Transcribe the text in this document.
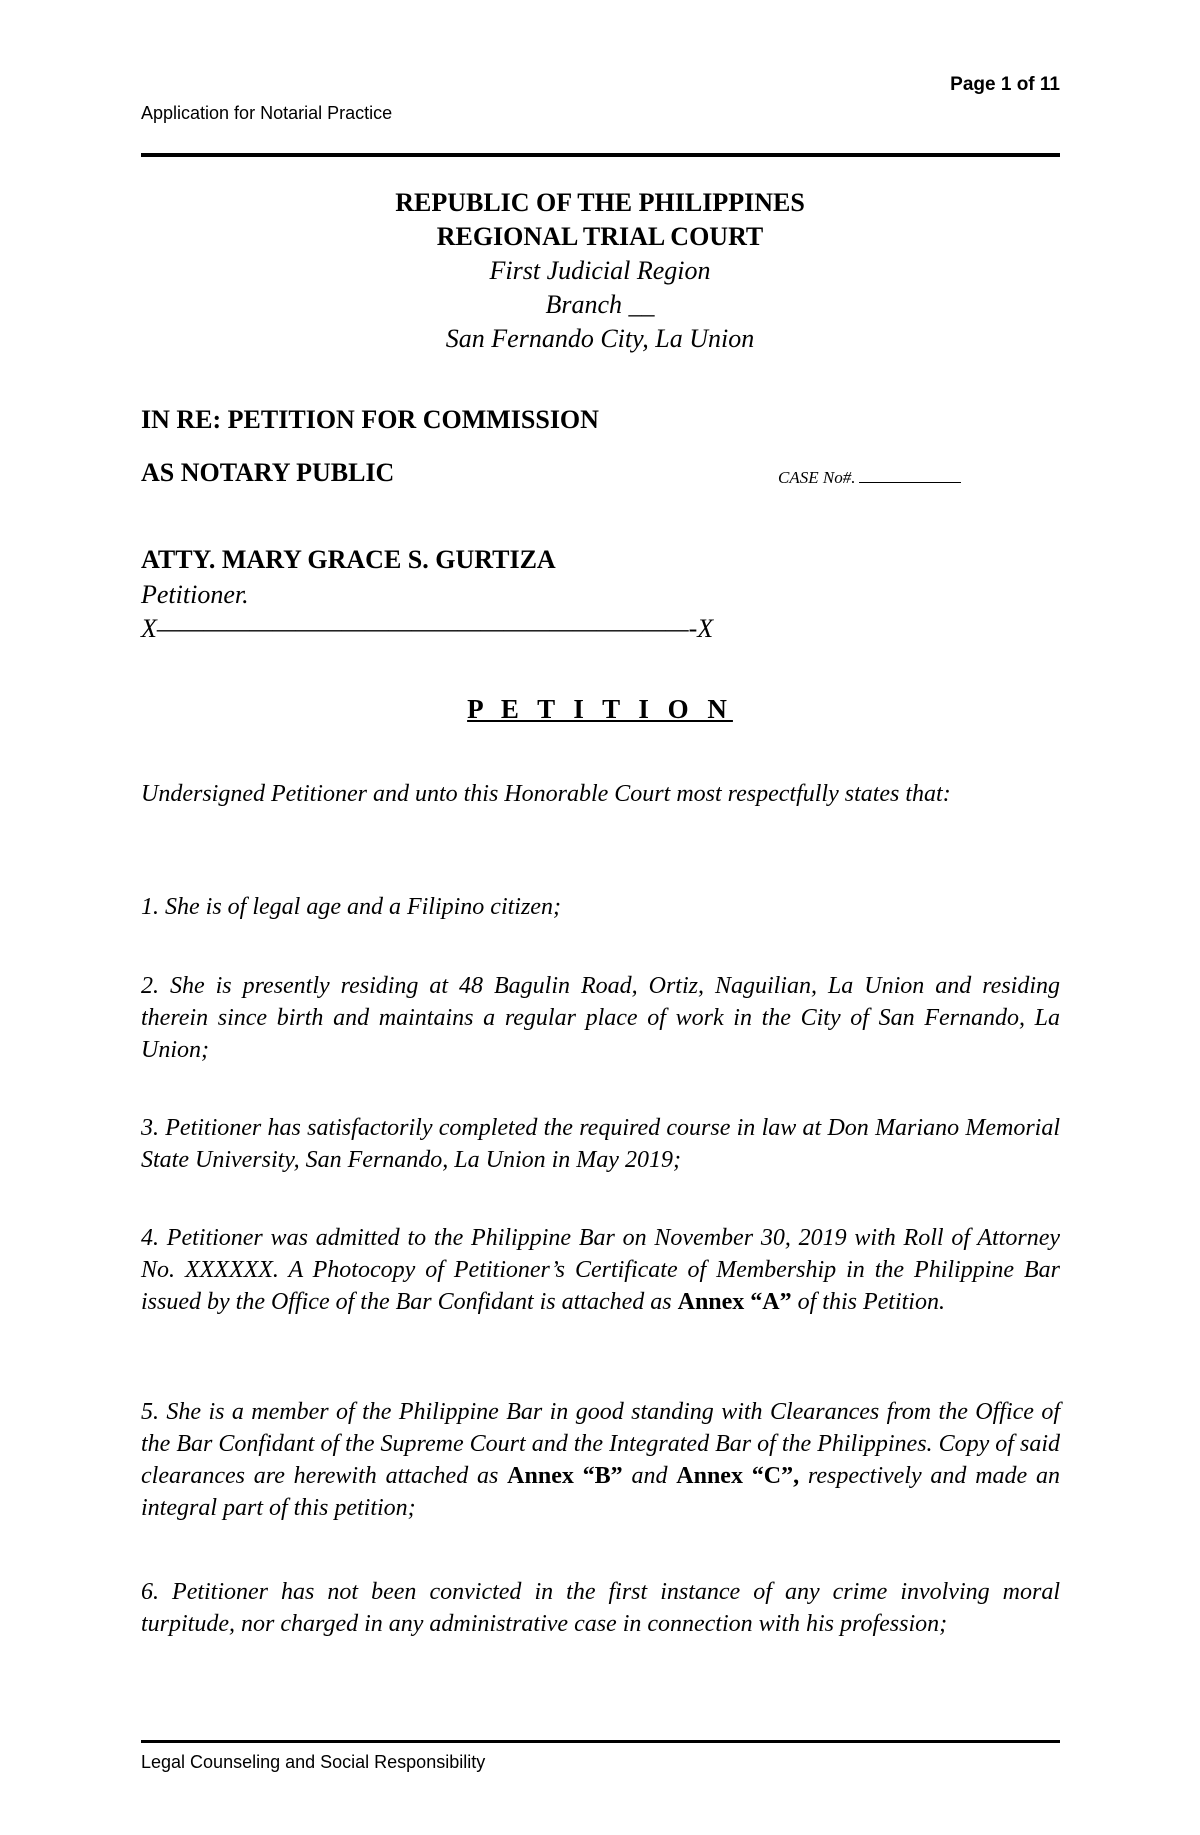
Page 1 of 11
Application for Notarial Practice
REPUBLIC OF THE PHILIPPINES
REGIONAL TRIAL COURT
First Judicial Region
Branch __
San Fernando City, La Union
IN RE: PETITION FOR COMMISSION
AS NOTARY PUBLIC	CASE No#.
ATTY. MARY GRACE S. GURTIZA
Petitioner.
X———————————————————————-X
P E T I T I O N
Undersigned Petitioner and unto this Honorable Court most respectfully states that:
1. She is of legal age and a Filipino citizen;
2. She is presently residing at 48 Bagulin Road, Ortiz, Naguilian, La Union and residing therein since birth and maintains a regular place of work in the City of San Fernando, La Union;
3. Petitioner has satisfactorily completed the required course in law at Don Mariano Memorial State University, San Fernando, La Union in May 2019;
4. Petitioner was admitted to the Philippine Bar on November 30, 2019 with Roll of Attorney No. XXXXXX. A Photocopy of Petitioner’s Certificate of Membership in the Philippine Bar issued by the Office of the Bar Confidant is attached as Annex “A” of this Petition.
5. She is a member of the Philippine Bar in good standing with Clearances from the Office of the Bar Confidant of the Supreme Court and the Integrated Bar of the Philippines. Copy of said clearances are herewith attached as Annex “B” and Annex “C”, respectively and made an integral part of this petition;
6. Petitioner has not been convicted in the first instance of any crime involving moral turpitude, nor charged in any administrative case in connection with his profession;
Legal Counseling and Social Responsibility
